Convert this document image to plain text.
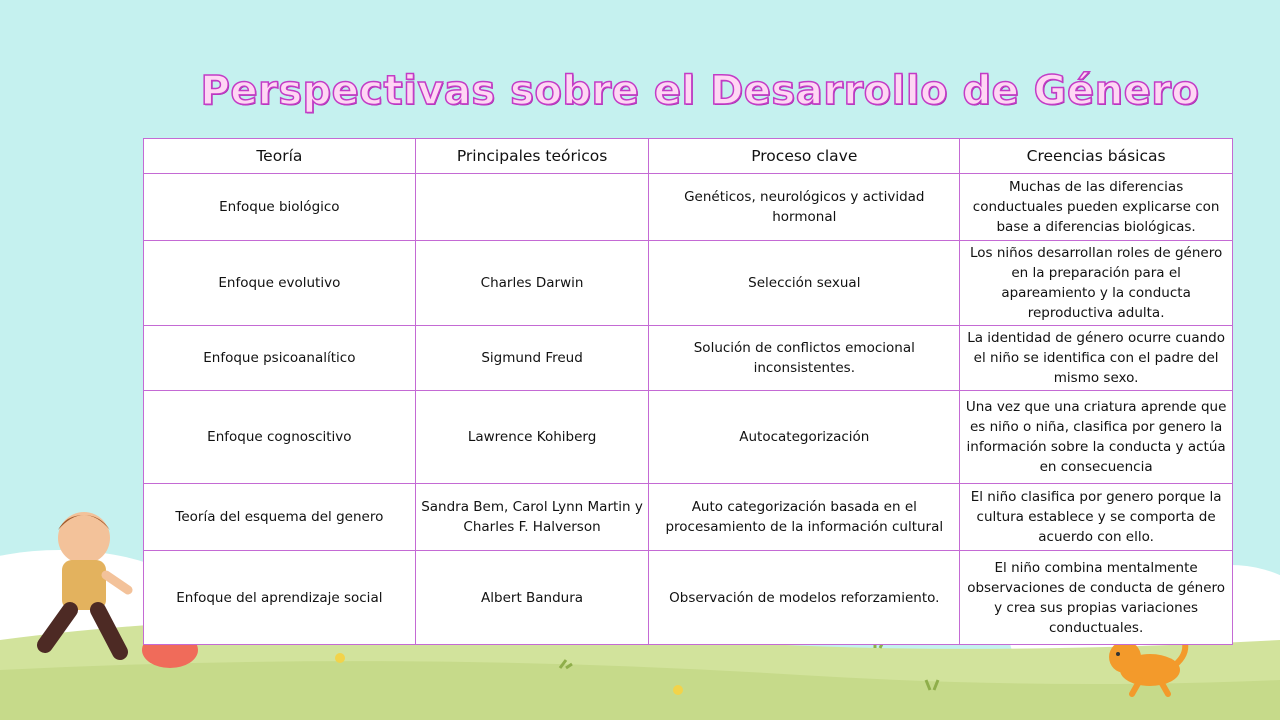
Perspectivas sobre el Desarrollo de Género
Teoría	Principales teóricos	Proceso clave	Creencias básicas
Enfoque biológico		Genéticos, neurológicos y actividad hormonal	Muchas de las diferencias conductuales pueden explicarse con base a diferencias biológicas.
Enfoque evolutivo	Charles Darwin	Selección sexual	Los niños desarrollan roles de género en la preparación para el apareamiento y la conducta reproductiva adulta.
Enfoque psicoanalítico	Sigmund Freud	Solución de conflictos emocional inconsistentes.	La identidad de género ocurre cuando el niño se identifica con el padre del mismo sexo.
Enfoque cognoscitivo	Lawrence Kohiberg	Autocategorización	Una vez que una criatura aprende que es niño o niña, clasifica por genero la información sobre la conducta y actúa en consecuencia
Teoría del esquema del genero	Sandra Bem, Carol Lynn Martin y Charles F. Halverson	Auto categorización basada en el procesamiento de la información cultural	El niño clasifica por genero porque la cultura establece y se comporta de acuerdo con ello.
Enfoque del aprendizaje social	Albert Bandura	Observación de modelos reforzamiento.	El niño combina mentalmente observaciones de conducta de género y crea sus propias variaciones conductuales.
